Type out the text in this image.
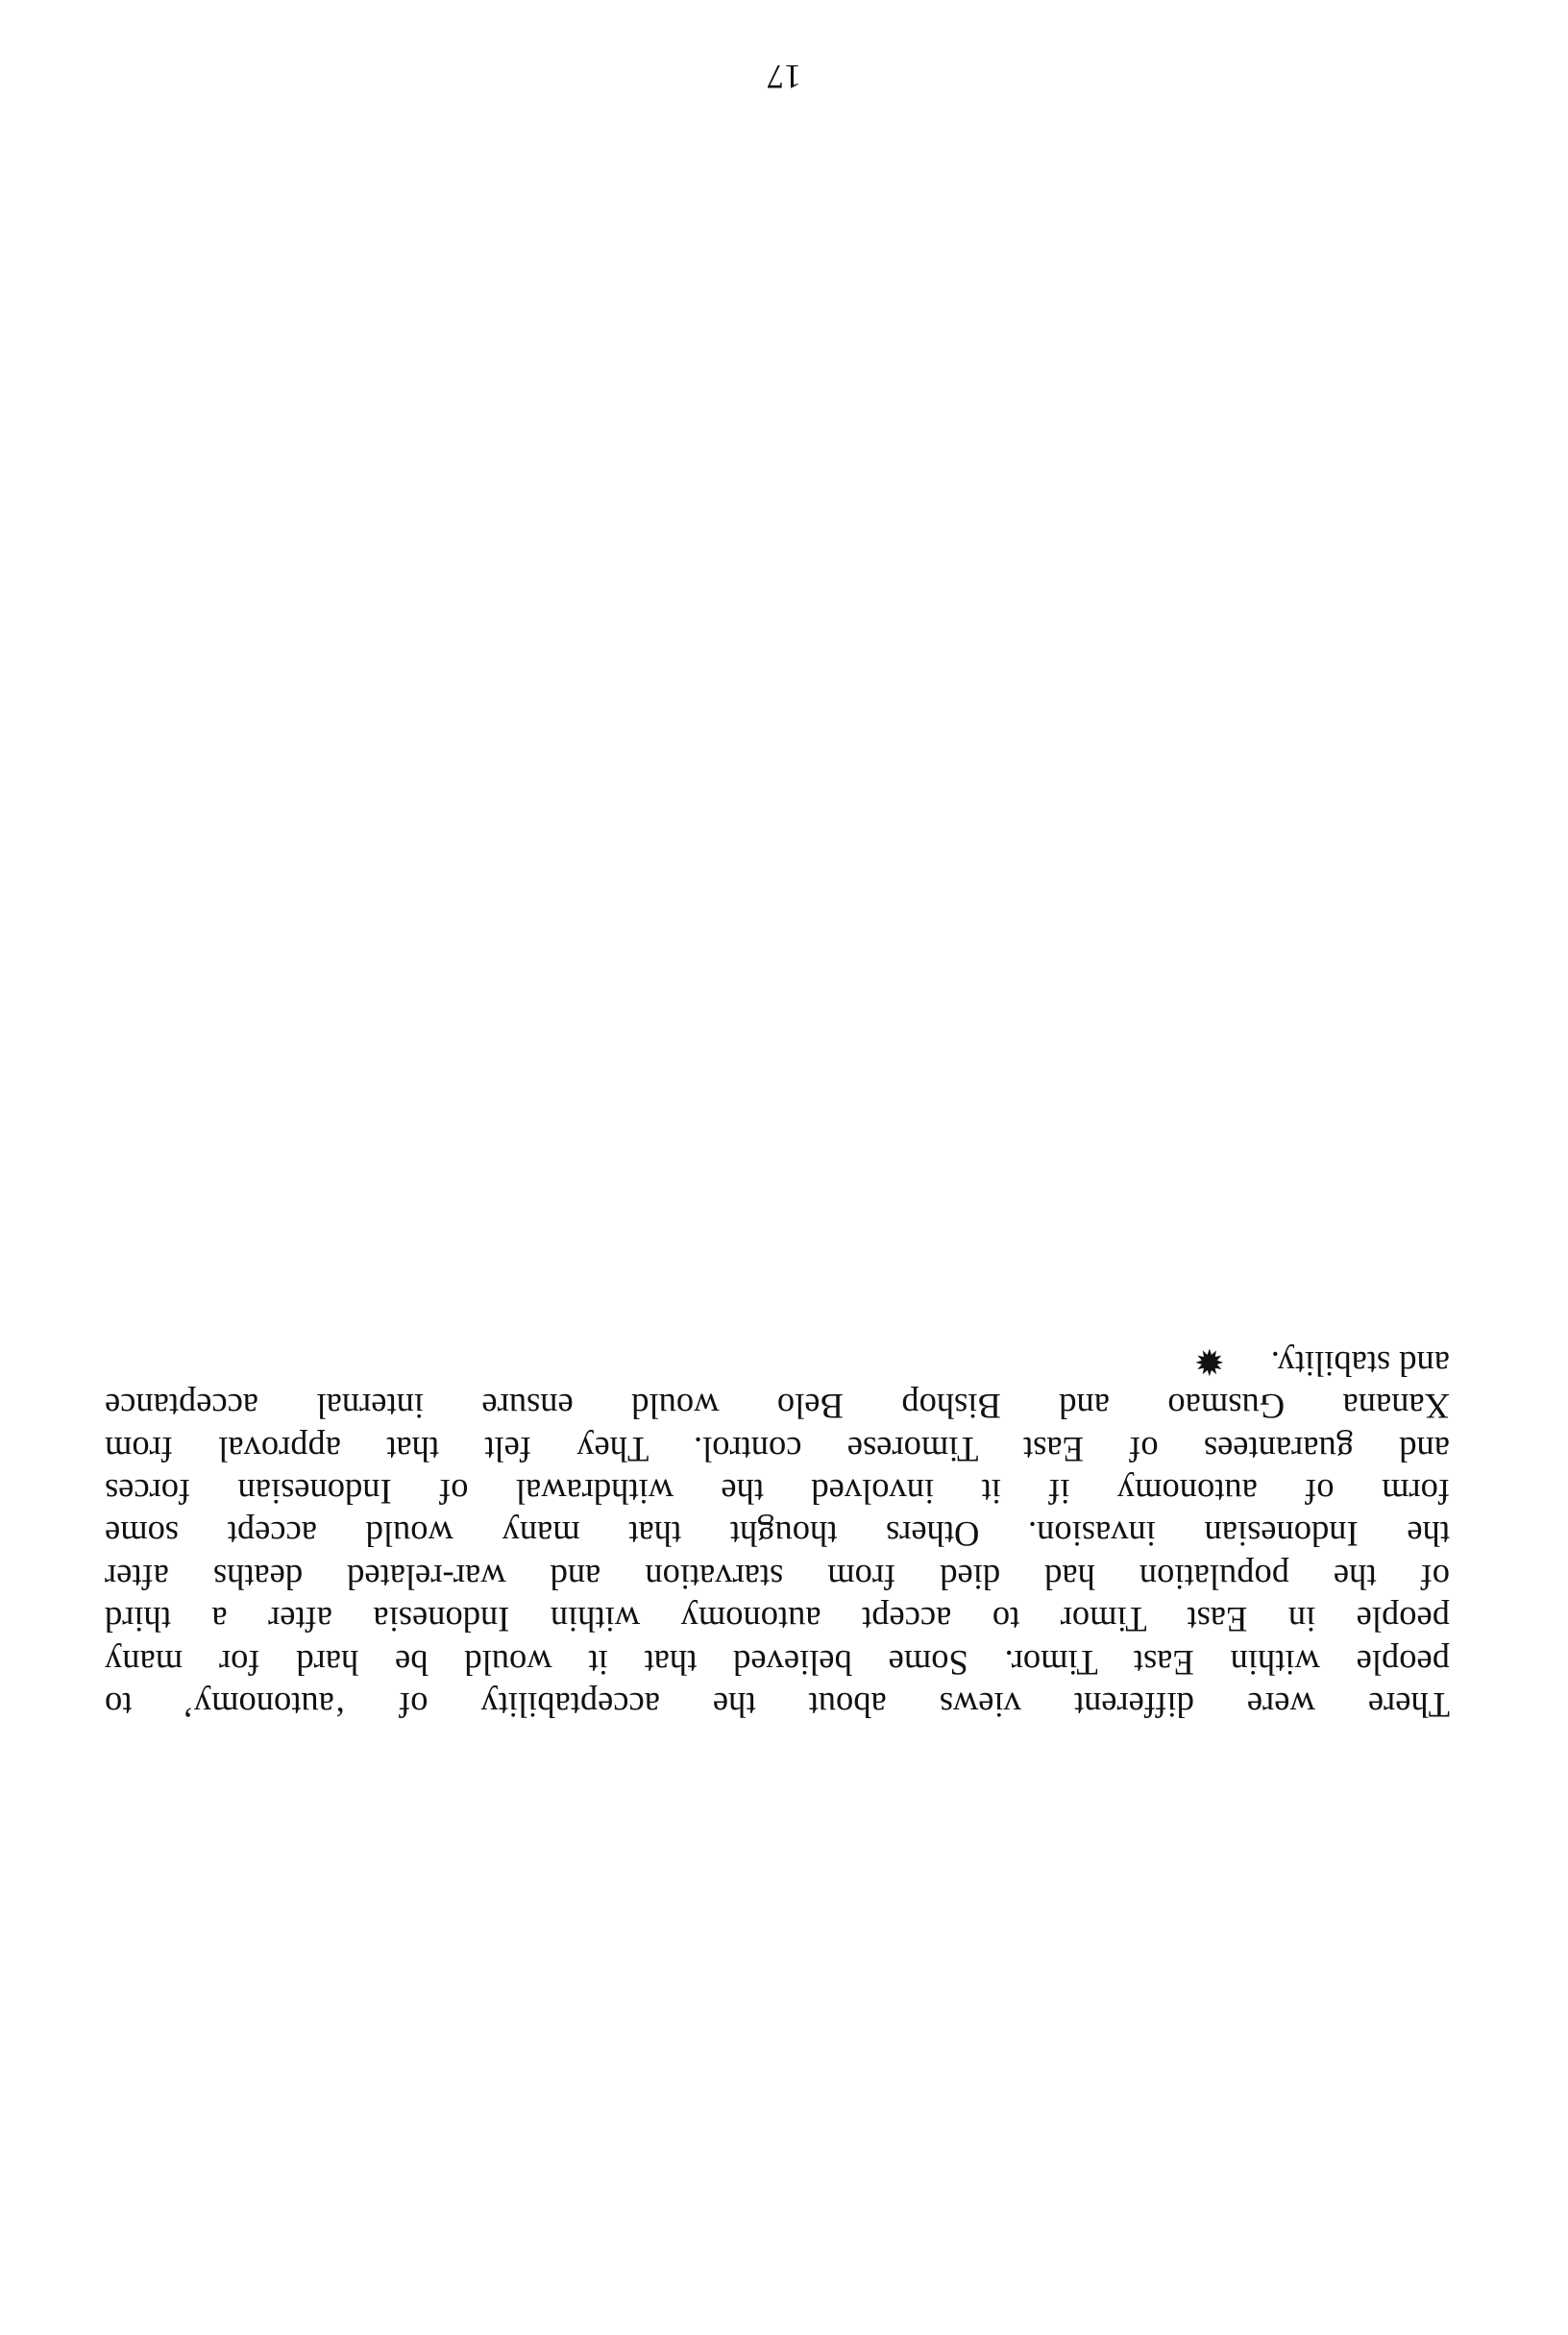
There were different views about the acceptability of ‘autonomy’ to
people within East Timor. Some believed that it would be hard for many
people in East Timor to accept autonomy within Indonesia after a third
of the population had died from starvation and war-related deaths after
the Indonesian invasion. Others thought that many would accept some
form of autonomy if it involved the withdrawal of Indonesian forces
and guarantees of East Timorese control. They felt that approval from
Xanana Gusmao and Bishop Belo would ensure internal acceptance
and stability.✹
17
